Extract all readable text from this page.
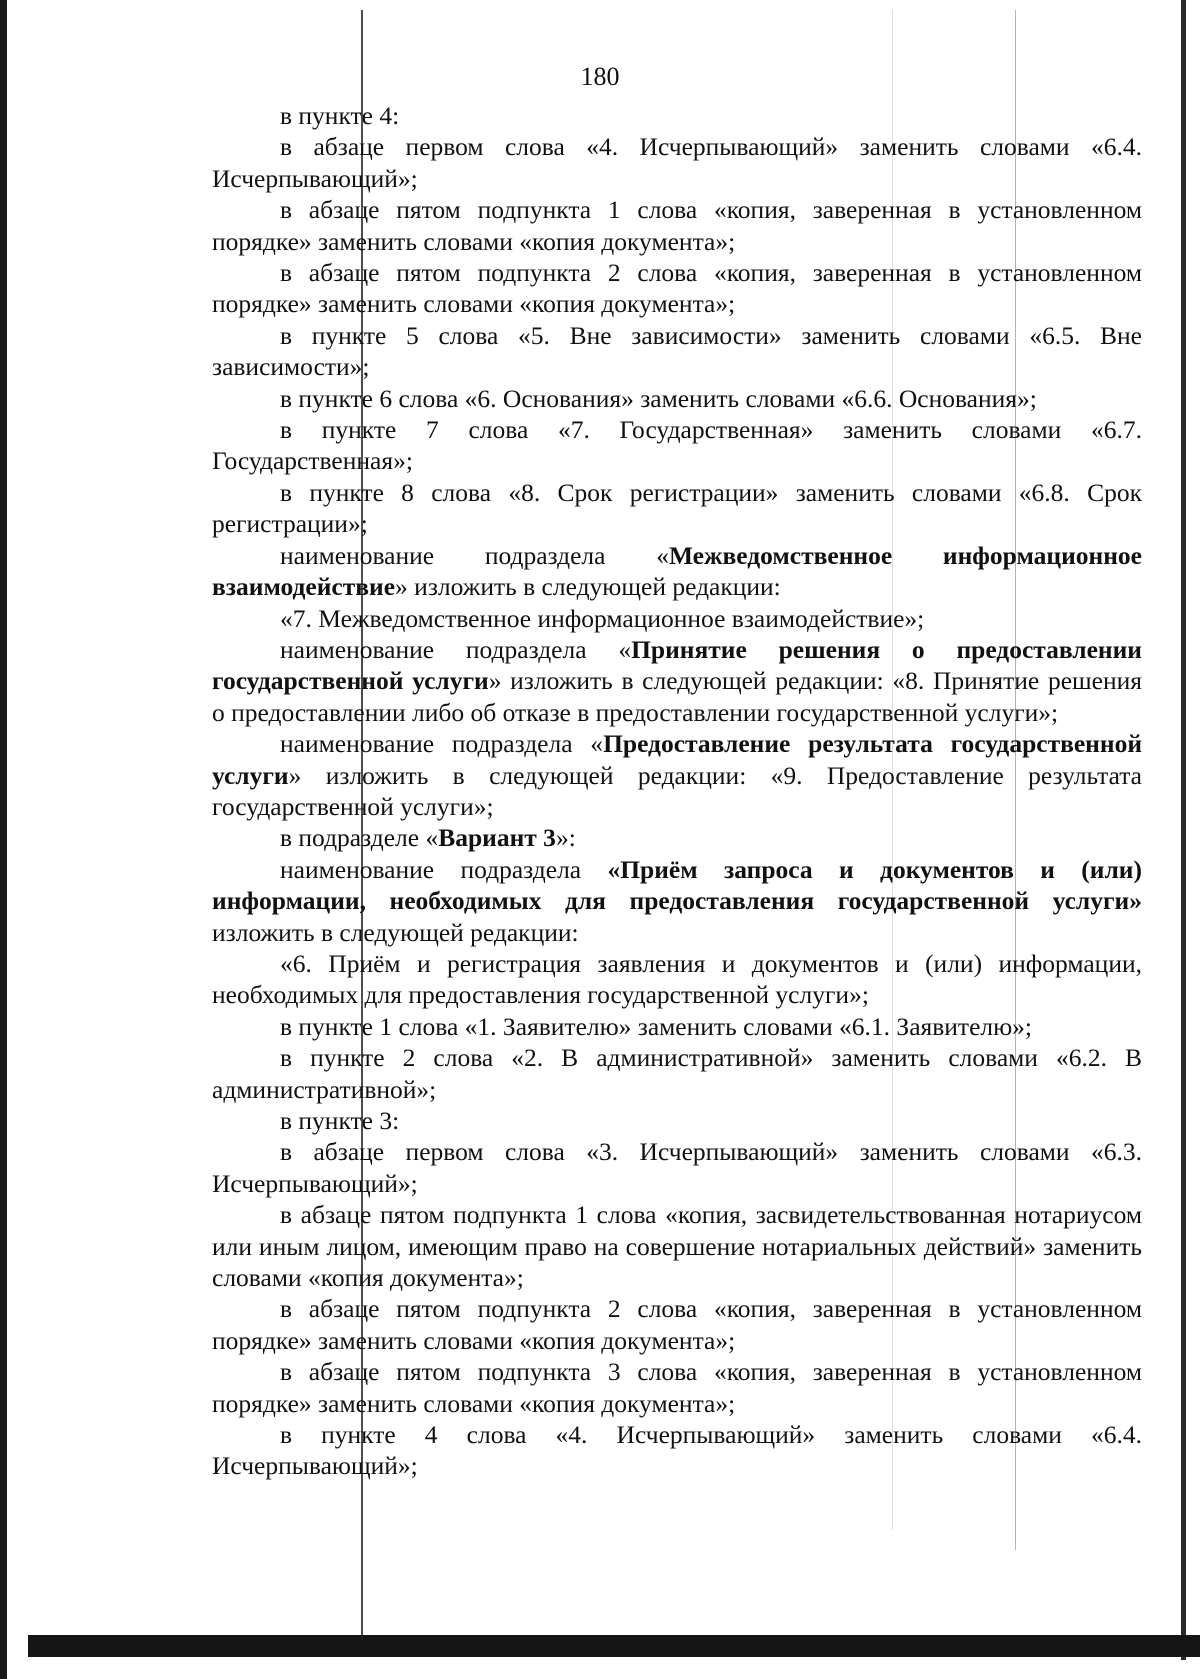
180

в пункте 4:

в абзаце первом слова «4. Исчерпывающий» заменить словами «6.4. Исчерпывающий»;

в абзаце пятом подпункта 1 слова «копия, заверенная в установленном порядке» заменить словами «копия документа»;

в абзаце пятом подпункта 2 слова «копия, заверенная в установленном порядке» заменить словами «копия документа»;

в пункте 5 слова «5. Вне зависимости» заменить словами «6.5. Вне зависимости»;

в пункте 6 слова «6. Основания» заменить словами «6.6. Основания»;

в пункте 7 слова «7. Государственная» заменить словами «6.7. Государственная»;

в пункте 8 слова «8. Срок регистрации» заменить словами «6.8. Срок регистрации»;

наименование подраздела «Межведомственное информационное взаимодействие» изложить в следующей редакции:

«7. Межведомственное информационное взаимодействие»;

наименование подраздела «Принятие решения о предоставлении государственной услуги» изложить в следующей редакции: «8. Принятие решения о предоставлении либо об отказе в предоставлении государственной услуги»;

наименование подраздела «Предоставление результата государственной услуги» изложить в следующей редакции: «9. Предоставление результата государственной услуги»;

в подразделе «Вариант 3»:

наименование подраздела «Приём запроса и документов и (или) информации, необходимых для предоставления государственной услуги» изложить в следующей редакции:

«6. Приём и регистрация заявления и документов и (или) информации, необходимых для предоставления государственной услуги»;

в пункте 1 слова «1. Заявителю» заменить словами «6.1. Заявителю»;

в пункте 2 слова «2. В административной» заменить словами «6.2. В административной»;

в пункте 3:

в абзаце первом слова «3. Исчерпывающий» заменить словами «6.3. Исчерпывающий»;

в абзаце пятом подпункта 1 слова «копия, засвидетельствованная нотариусом или иным лицом, имеющим право на совершение нотариальных действий» заменить словами «копия документа»;

в абзаце пятом подпункта 2 слова «копия, заверенная в установленном порядке» заменить словами «копия документа»;

в абзаце пятом подпункта 3 слова «копия, заверенная в установленном порядке» заменить словами «копия документа»;

в пункте 4 слова «4. Исчерпывающий» заменить словами «6.4. Исчерпывающий»;
